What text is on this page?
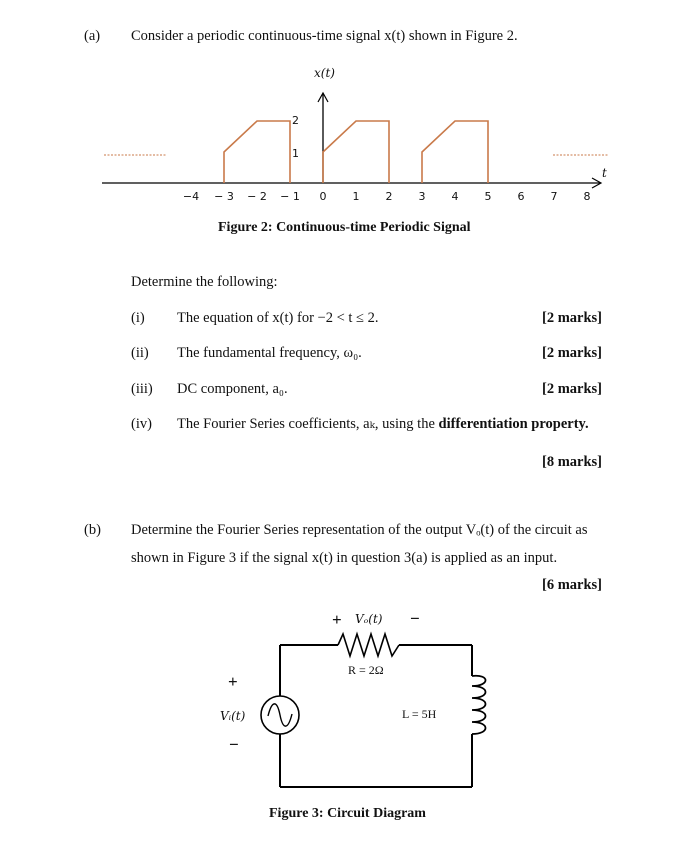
(a) Consider a periodic continuous-time signal x(t) shown in Figure 2.
x(t)
t
2
1
−4	− 3	− 2	− 1	0	1	2	3	4	5	6	7	8
Figure 2: Continuous-time Periodic Signal
Determine the following:
(i) The equation of x(t) for −2 < t ≤ 2.	[2 marks]
(ii) The fundamental frequency, ω₀.	[2 marks]
(iii) DC component, a₀.	[2 marks]
(iv) The Fourier Series coefficients, aₖ, using the differentiation property.
[8 marks]
(b) Determine the Fourier Series representation of the output Vₒ(t) of the circuit as
shown in Figure 3 if the signal x(t) in question 3(a) is applied as an input.
[6 marks]
+ Vₒ(t) −
R = 2Ω
+
Vᵢ(t)
−
L = 5H
Figure 3: Circuit Diagram
